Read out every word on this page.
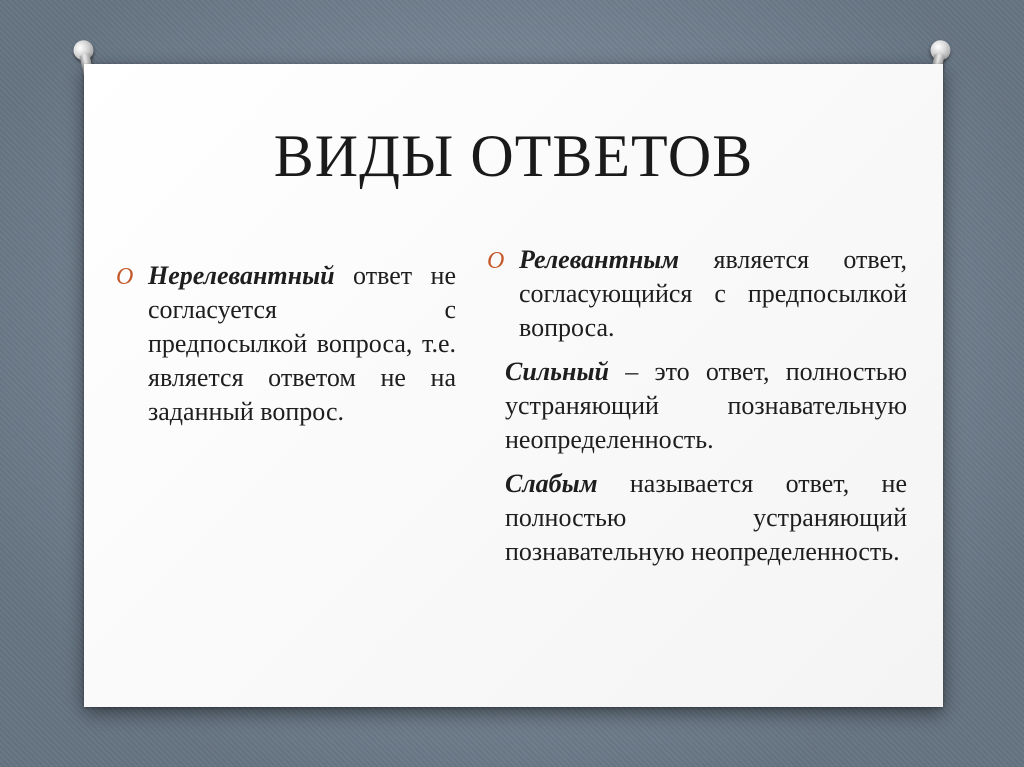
ВИДЫ ОТВЕТОВ
O Нерелевантный ответ не согласуется с предпосылкой вопроса, т.е. является ответом не на заданный вопрос.
O Релевантным является ответ, согласующийся с предпосылкой вопроса.
Сильный – это ответ, полностью устраняющий познавательную неопределенность.
Слабым называется ответ, не полностью устраняющий познавательную неопределенность.
